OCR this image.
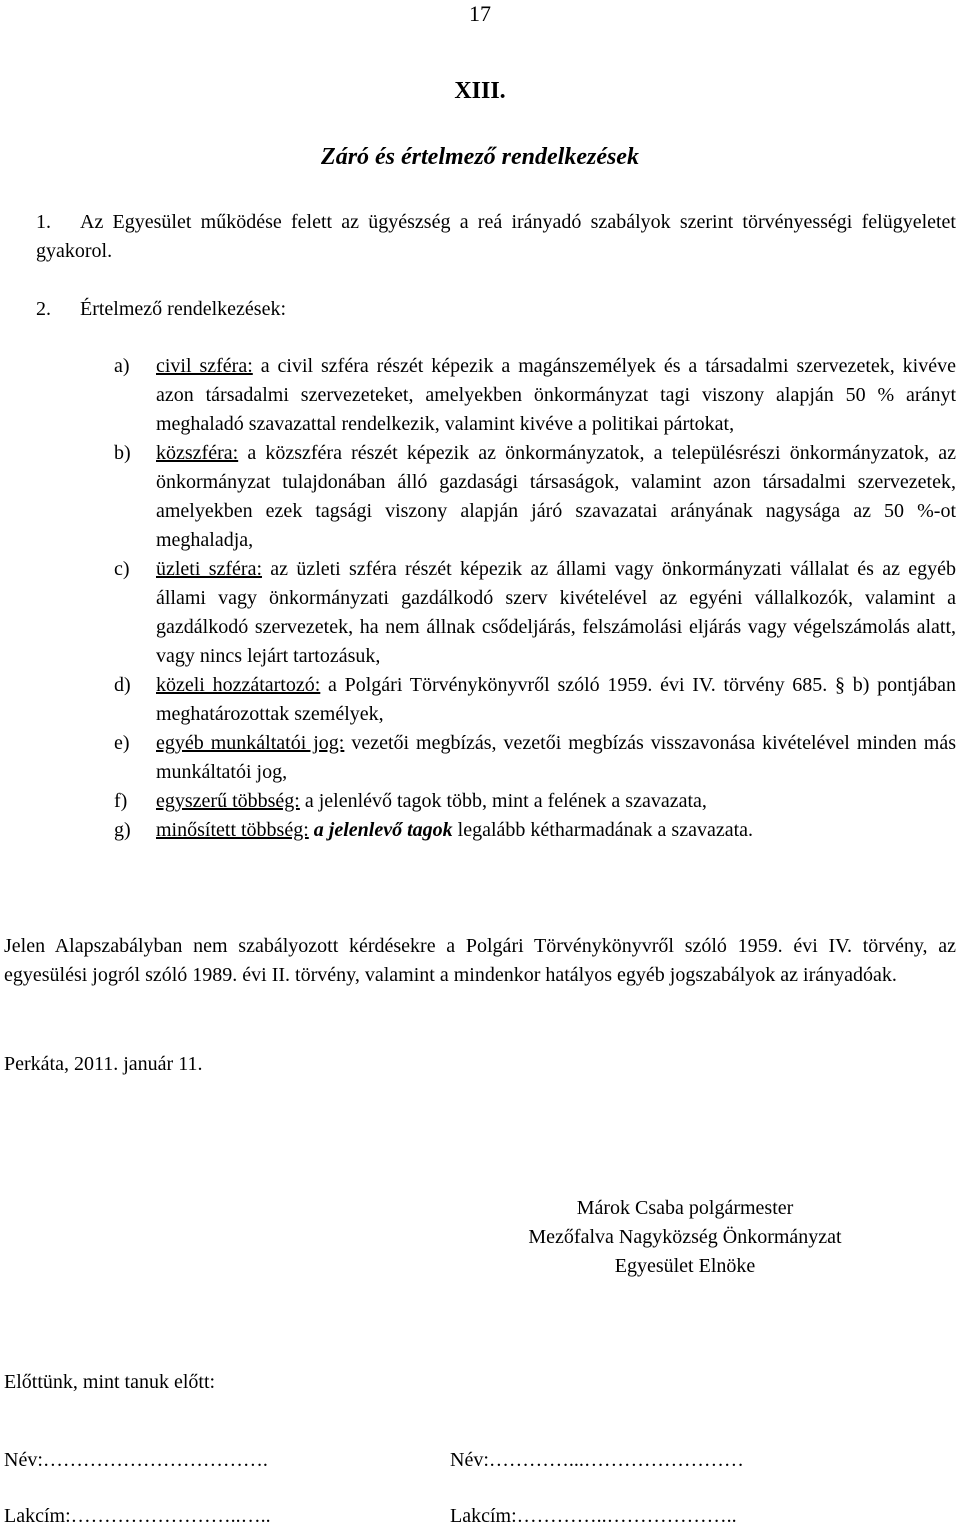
17
XIII.
Záró és értelmező rendelkezések
1. Az Egyesület működése felett az ügyészség a reá irányadó szabályok szerint törvényességi felügyeletet gyakorol.
2. Értelmező rendelkezések:
a) civil szféra: a civil szféra részét képezik a magánszemélyek és a társadalmi szervezetek, kivéve azon társadalmi szervezeteket, amelyekben önkormányzat tagi viszony alapján 50 % arányt meghaladó szavazattal rendelkezik, valamint kivéve a politikai pártokat,
b) közszféra: a közszféra részét képezik az önkormányzatok, a településrészi önkormányzatok, az önkormányzat tulajdonában álló gazdasági társaságok, valamint azon társadalmi szervezetek, amelyekben ezek tagsági viszony alapján járó szavazatai arányának nagysága az 50 %-ot meghaladja,
c) üzleti szféra: az üzleti szféra részét képezik az állami vagy önkormányzati vállalat és az egyéb állami vagy önkormányzati gazdálkodó szerv kivételével az egyéni vállalkozók, valamint a gazdálkodó szervezetek, ha nem állnak csődeljárás, felszámolási eljárás vagy végelszámolás alatt, vagy nincs lejárt tartozásuk,
d) közeli hozzátartozó: a Polgári Törvénykönyvről szóló 1959. évi IV. törvény 685. § b) pontjában meghatározottak személyek,
e) egyéb munkáltatói jog: vezetői megbízás, vezetői megbízás visszavonása kivételével minden más munkáltatói jog,
f) egyszerű többség: a jelenlévő tagok több, mint a felének a szavazata,
g) minősített többség: a jelenlevő tagok legalább kétharmadának a szavazata.
Jelen Alapszabályban nem szabályozott kérdésekre a Polgári Törvénykönyvről szóló 1959. évi IV. törvény, az egyesülési jogról szóló 1989. évi II. törvény, valamint a mindenkor hatályos egyéb jogszabályok az irányadóak.
Perkáta, 2011. január 11.
Márok Csaba polgármester
Mezőfalva Nagyközség Önkormányzat
Egyesület Elnöke
Előttünk, mint tanuk előtt:
Név:…………………………….	Név:…………...……………………
Lakcím:……………………..…..	Lakcím:…………..………………..
